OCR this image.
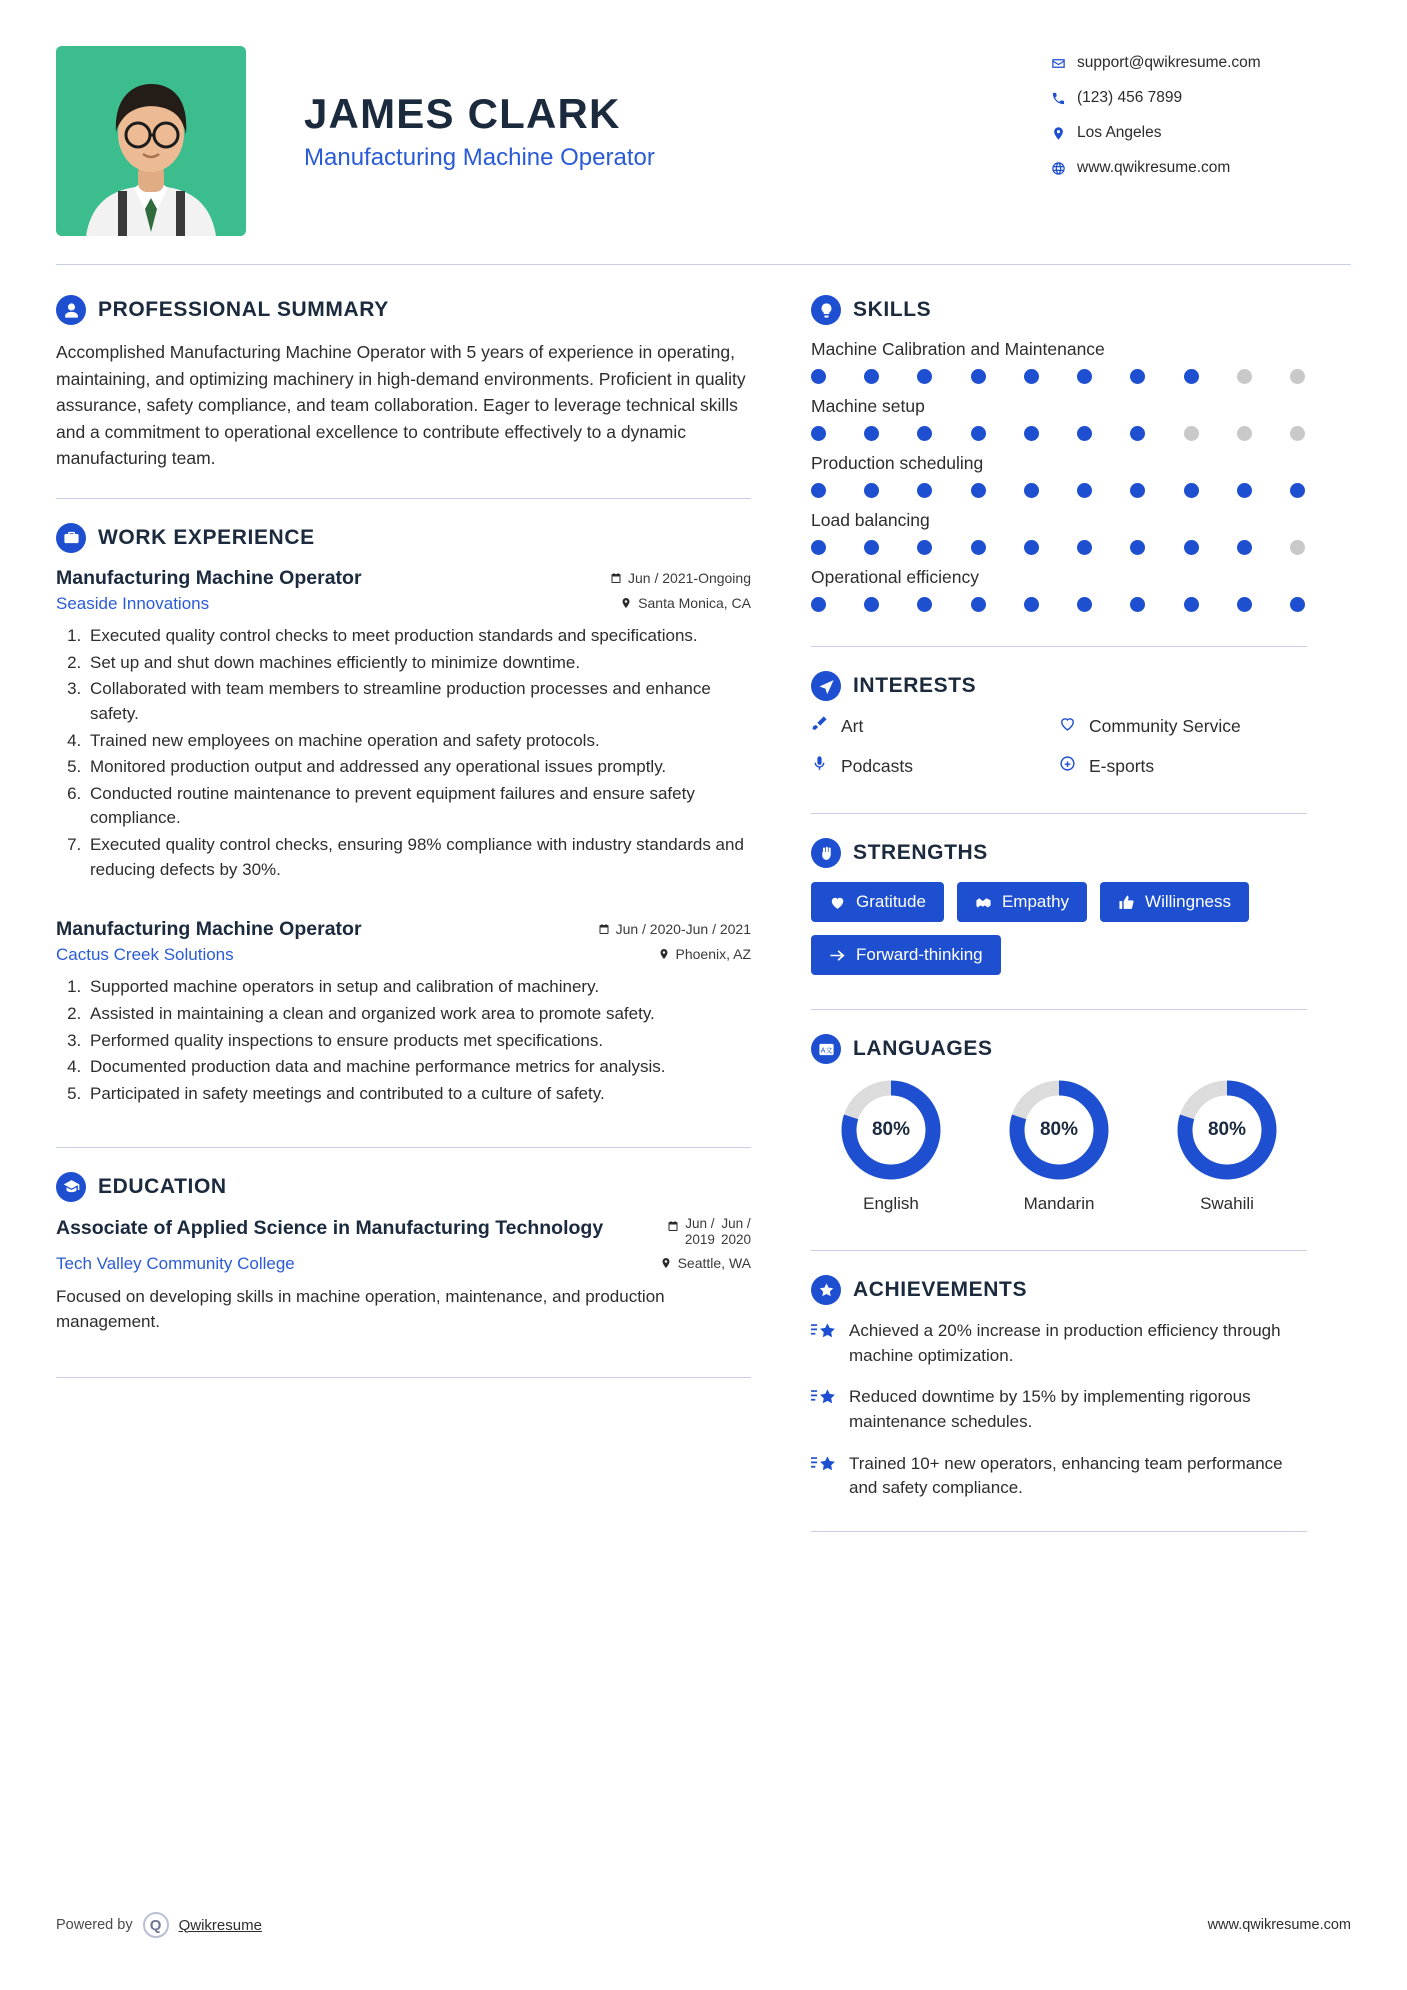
JAMES CLARK
Manufacturing Machine Operator
support@qwikresume.com
(123) 456 7899
Los Angeles
www.qwikresume.com
PROFESSIONAL SUMMARY
Accomplished Manufacturing Machine Operator with 5 years of experience in operating, maintaining, and optimizing machinery in high-demand environments. Proficient in quality assurance, safety compliance, and team collaboration. Eager to leverage technical skills and a commitment to operational excellence to contribute effectively to a dynamic manufacturing team.
WORK EXPERIENCE
Manufacturing Machine Operator	Jun / 2021-Ongoing
Seaside Innovations	Santa Monica, CA
1. Executed quality control checks to meet production standards and specifications.
2. Set up and shut down machines efficiently to minimize downtime.
3. Collaborated with team members to streamline production processes and enhance safety.
4. Trained new employees on machine operation and safety protocols.
5. Monitored production output and addressed any operational issues promptly.
6. Conducted routine maintenance to prevent equipment failures and ensure safety compliance.
7. Executed quality control checks, ensuring 98% compliance with industry standards and reducing defects by 30%.
Manufacturing Machine Operator	Jun / 2020-Jun / 2021
Cactus Creek Solutions	Phoenix, AZ
1. Supported machine operators in setup and calibration of machinery.
2. Assisted in maintaining a clean and organized work area to promote safety.
3. Performed quality inspections to ensure products met specifications.
4. Documented production data and machine performance metrics for analysis.
5. Participated in safety meetings and contributed to a culture of safety.
EDUCATION
Associate of Applied Science in Manufacturing Technology	Jun /
2019
Jun /
2020
Tech Valley Community College	Seattle, WA
Focused on developing skills in machine operation, maintenance, and production management.
SKILLS
Machine Calibration and Maintenance
Machine setup
Production scheduling
Load balancing
Operational efficiency
INTERESTS
Art	Community Service
Podcasts	E-sports
STRENGTHS
Gratitude	Empathy	Willingness
Forward-thinking
A文 LANGUAGES
80%
English
80%
Mandarin
80%
Swahili
ACHIEVEMENTS
Achieved a 20% increase in production efficiency through machine optimization.
Reduced downtime by 15% by implementing rigorous maintenance schedules.
Trained 10+ new operators, enhancing team performance and safety compliance.
Powered by	Q	Qwikresume	www.qwikresume.com
